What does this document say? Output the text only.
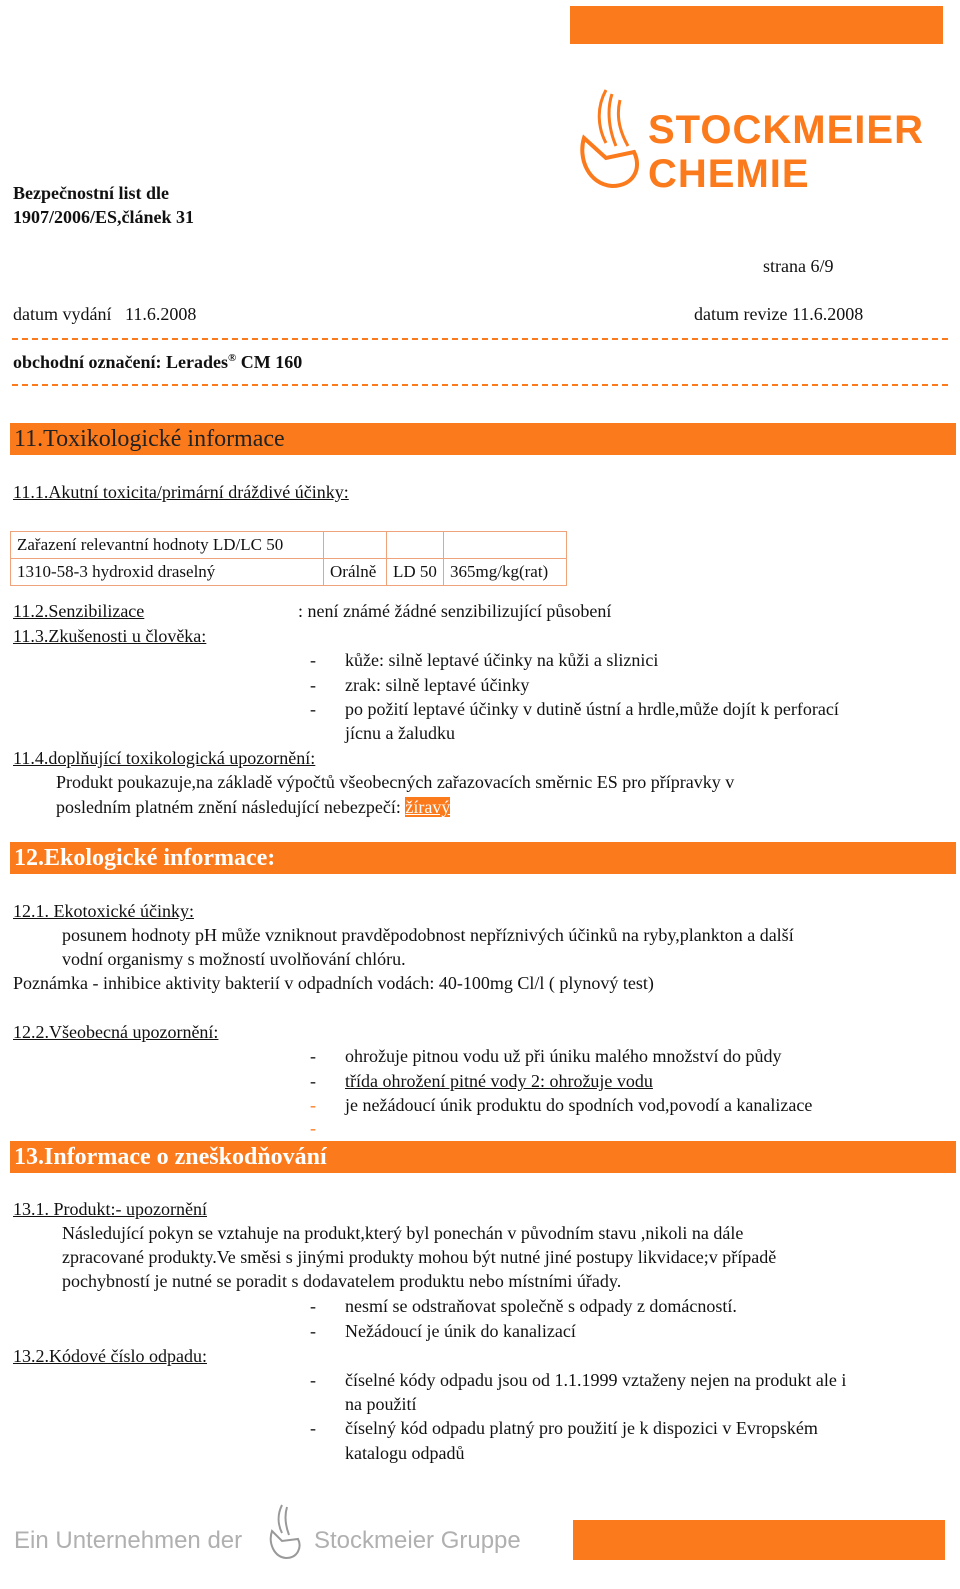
STOCKMEIER
CHEMIE
Bezpečnostní list dle
1907/2006/ES,článek 31
strana 6/9
datum vydání   11.6.2008	datum revize 11.6.2008
obchodní označení: Lerades® CM 160
11.Toxikologické informace
11.1.Akutní toxicita/primární dráždivé účinky:
Zařazení relevantní hodnoty LD/LC 50			
1310-58-3 hydroxid draselný	Orálně	LD 50	365mg/kg(rat)
11.2.Senzibilizace	: není známé žádné senzibilizující působení
11.3.Zkušenosti u člověka:
- kůže: silně leptavé účinky na kůži a sliznici
- zrak: silně leptavé účinky
- po požití leptavé účinky v dutině ústní a hrdle,může dojít k perforací
jícnu a žaludku
11.4.doplňující toxikologická upozornění:
Produkt poukazuje,na základě výpočtů všeobecných zařazovacích směrnic ES pro přípravky v
posledním platném znění následující nebezpečí: žíravý
12.Ekologické informace:
12.1. Ekotoxické účinky:
posunem hodnoty pH může vzniknout pravděpodobnost nepříznivých účinků na ryby,plankton a další
vodní organismy s možností uvolňování chlóru.
Poznámka - inhibice aktivity bakterií v odpadních vodách: 40-100mg Cl/l ( plynový test)
12.2.Všeobecná upozornění:
- ohrožuje pitnou vodu už při úniku malého množství do půdy
- třída ohrožení pitné vody 2: ohrožuje vodu
- je nežádoucí únik produktu do spodních vod,povodí a kanalizace
-
13.Informace o zneškodňování
13.1. Produkt:- upozornění
Následující pokyn se vztahuje na produkt,který byl ponechán v původním stavu ,nikoli na dále
zpracované produkty.Ve směsi s jinými produkty mohou být nutné jiné postupy likvidace;v případě
pochybností je nutné se poradit s dodavatelem produktu nebo místními úřady.
- nesmí se odstraňovat společně s odpady z domácností.
- Nežádoucí je únik do kanalizací
13.2.Kódové číslo odpadu:
- číselné kódy odpadu jsou od 1.1.1999 vztaženy nejen na produkt ale i
na použití
- číselný kód odpadu platný pro použití je k dispozici v Evropském
katalogu odpadů
Ein Unternehmen der	Stockmeier Gruppe
